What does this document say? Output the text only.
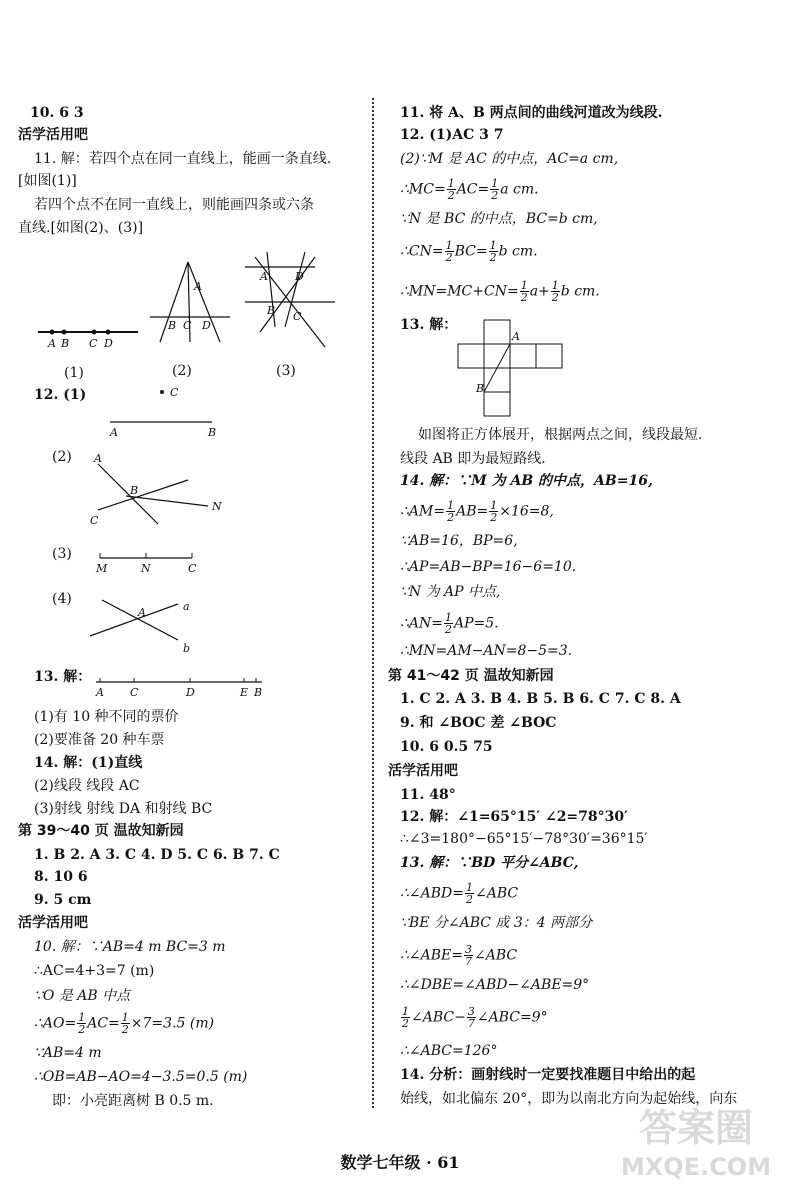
10. 6 3
活学活用吧
11. 解：若四个点在同一直线上，能画一条直线.
[如图(1)]
若四个点不在同一直线上，则能画四条或六条
直线.[如图(2)、(3)]
A B C D
A
B C D
A D
B C
(1)	(2)	(3)
12. (1)	C
A	B
(2) A
B
C
N
(3)
M	N	C
(4)
A	a
b
13. 解：
A C	D	E B
(1)有 10 种不同的票价
(2)要准备 20 种车票
14. 解：(1)直线
(2)线段 线段 AC
(3)射线 射线 DA 和射线 BC
第 39～40 页 温故知新园
1. B 2. A 3. C 4. D 5. C 6. B 7. C
8. 10 6
9. 5 cm
活学活用吧
10. 解：∵AB=4 m BC=3 m
∴AC=4+3=7 (m)
∵O 是 AB 中点
∴AO= $\frac{1}{2} AC= \frac{1}{2} \times 7=3.5$ (m)
∵AB=4 m
∴OB=AB−AO=4−3.5=0.5 (m)
即：小亮距离树 B 0.5 m.
11. 将 A、B 两点间的曲线河道改为线段.
12. (1)AC 3 7
(2)∵M 是 AC 的中点，AC=a cm,
∴MC= $\frac{1}{2} AC= \frac{1}{2}$ a cm.
∵N 是 BC 的中点，BC=b cm,
∴CN= $\frac{1}{2} BC= \frac{1}{2}$ b cm.
∴MN=MC+CN= $\frac{1}{2} a+ \frac{1}{2}$ b cm.
13. 解：
A
B
如图将正方体展开，根据两点之间，线段最短.
线段 AB 即为最短路线.
14. 解：∵M 为 AB 的中点，AB=16,
∴AM= $\frac{1}{2} AB= \frac{1}{2} \times 16=8$,
∵AB=16，BP=6,
∴AP=AB−BP=16−6=10.
∵N 为 AP 中点,
∴AN= $\frac{1}{2} AP=5$.
∴MN=AM−AN=8−5=3.
第 41～42 页 温故知新园
1. C 2. A 3. B 4. B 5. B 6. C 7. C 8. A
9. 和 ∠BOC 差 ∠BOC
10. 6 0.5 75
活学活用吧
11. 48°
12. 解：∠1=65°15′ ∠2=78°30′
∴∠3=180°−65°15′−78°30′=36°15′
13. 解：∵BD 平分∠ABC,
∴∠ABD= $\frac{1}{2}$ ∠ABC
∵BE 分∠ABC 成 3：4 两部分
∴∠ABE= $\frac{3}{7}$ ∠ABC
∴∠DBE=∠ABD−∠ABE=9°
$\frac{1}{2}$ ∠ABC− $\frac{3}{7}$ ∠ABC=9°
∴∠ABC=126°
14. 分析：画射线时一定要找准题目中给出的起
始线，如北偏东 20°，即为以南北方向为起始线，向东
数学七年级 · 61
答案圈
MXQE.COM
